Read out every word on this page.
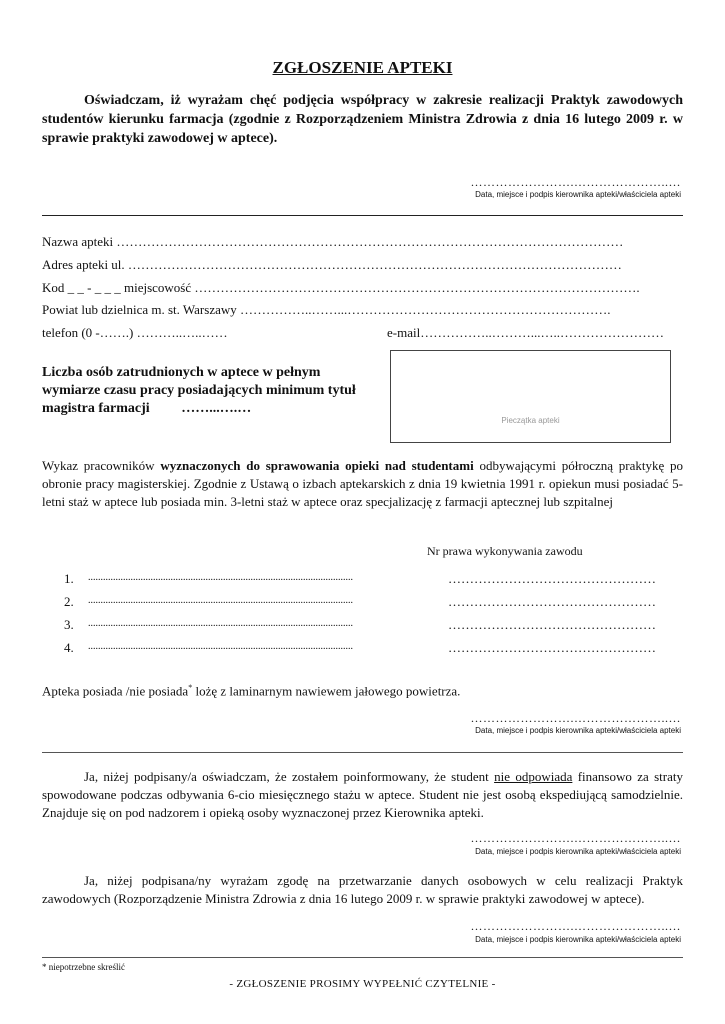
ZGŁOSZENIE APTEKI
Oświadczam, iż wyrażam chęć podjęcia współpracy w zakresie realizacji Praktyk zawodowych studentów kierunku farmacja (zgodnie z Rozporządzeniem Ministra Zdrowia z dnia 16 lutego 2009 r. w sprawie praktyki zawodowej w aptece).
…………………….…………………..…
Data, miejsce i podpis kierownika apteki/właściciela apteki
Nazwa apteki ………………………………………………………………………………………………………
Adres apteki ul. ……………………………………………………………………………………………………
Kod _ _ - _ _ _ miejscowość ………………………………………………………………………………………….
Powiat lub dzielnica m. st. Warszawy ……………..……...…………………………………………………….
telefon (0 -…….) ………..…..……	e-mail……………..………...…..……………………
Liczba osób zatrudnionych w aptece w pełnym wymiarze czasu pracy posiadających minimum tytuł magistra farmacji ……...….…
Pieczątka apteki
Wykaz pracowników wyznaczonych do sprawowania opieki nad studentami odbywającymi półroczną praktykę po obronie pracy magisterskiej. Zgodnie z Ustawą o izbach aptekarskich z dnia 19 kwietnia 1991 r. opiekun musi posiadać 5-letni staż w aptece lub posiada min. 3-letni staż w aptece oraz specjalizację z farmacji aptecznej lub szpitalnej
Nr prawa wykonywania zawodu
1. ..........................................................................................................	…………………………………………
2. ..........................................................................................................	…………………………………………
3. ..........................................................................................................	…………………………………………
4. ..........................................................................................................	…………………………………………
Apteka posiada /nie posiada* lożę z laminarnym nawiewem jałowego powietrza.
…………………….…………………..…
Data, miejsce i podpis kierownika apteki/właściciela apteki
Ja, niżej podpisany/a oświadczam, że zostałem poinformowany, że student nie odpowiada finansowo za straty spowodowane podczas odbywania 6-cio miesięcznego stażu w aptece. Student nie jest osobą ekspediującą samodzielnie. Znajduje się on pod nadzorem i opieką osoby wyznaczonej przez Kierownika apteki.
…………………….…………………..…
Data, miejsce i podpis kierownika apteki/właściciela apteki
Ja, niżej podpisana/ny wyrażam zgodę na przetwarzanie danych osobowych w celu realizacji Praktyk zawodowych (Rozporządzenie Ministra Zdrowia z dnia 16 lutego 2009 r. w sprawie praktyki zawodowej w aptece).
…………………….…………………..…
Data, miejsce i podpis kierownika apteki/właściciela apteki
* niepotrzebne skreślić
- ZGŁOSZENIE PROSIMY WYPEŁNIĆ CZYTELNIE -
